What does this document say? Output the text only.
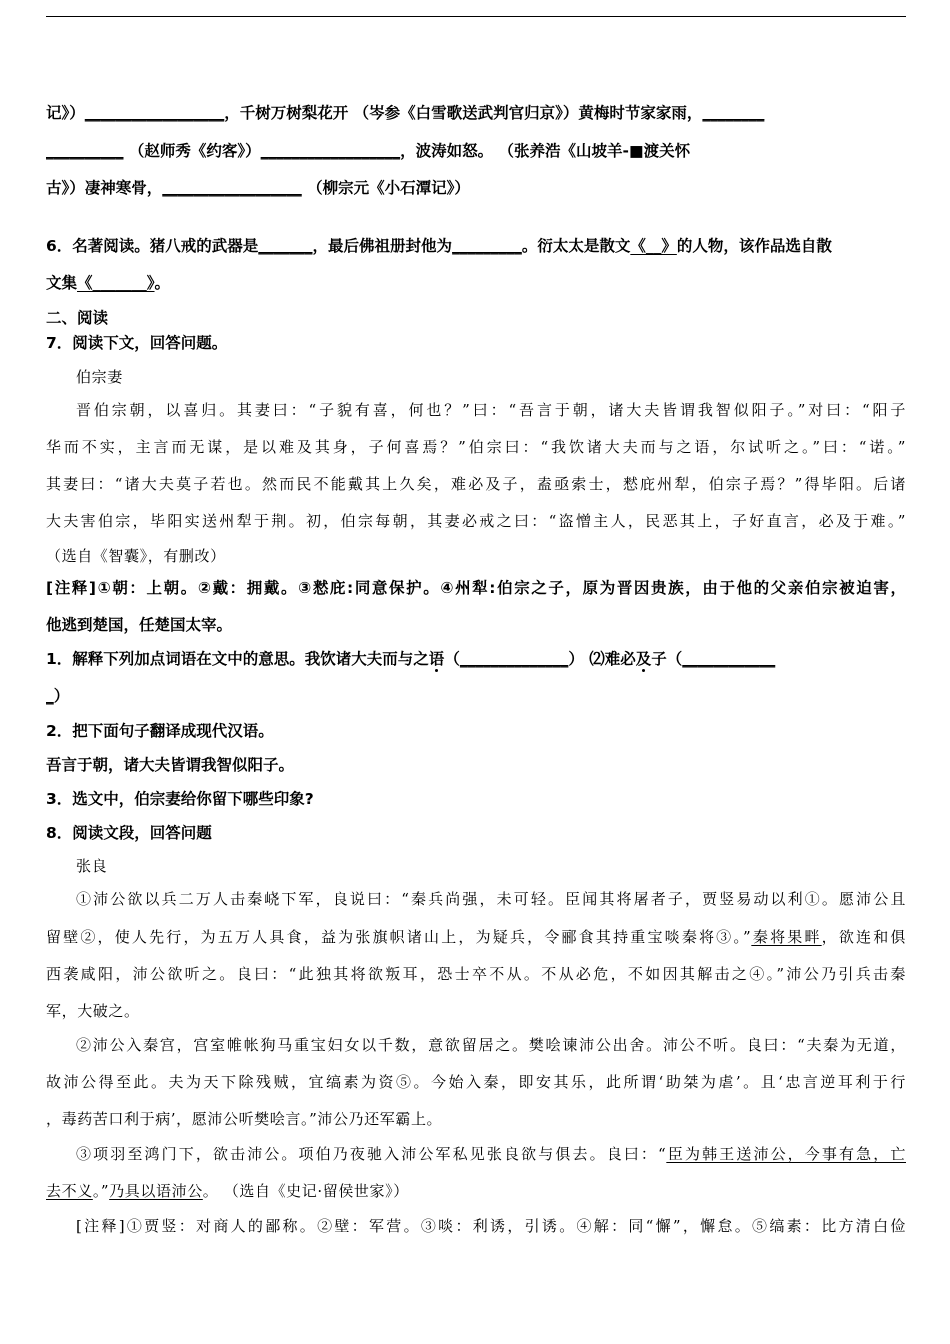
记》）__________________，千树万树梨花开 （岑参《白雪歌送武判官归京》）黄梅时节家家雨，________
__________ （赵师秀《约客》）__________________，波涛如怒。 （张养浩《山坡羊-■渡关怀
古》）凄神寒骨，__________________ （柳宗元《小石潭记》）
6．名著阅读。猪八戒的武器是_______，最后佛祖册封他为_________。衍太太是散文《__》的人物，该作品选自散
文集《_______》。
二、阅读
7．阅读下文，回答问题。
伯宗妻
晋伯宗朝，以喜归。其妻曰：“子貌有喜，何也？”曰：“吾言于朝，诸大夫皆谓我智似阳子。”对曰：“阳子
华而不实，主言而无谋，是以难及其身，子何喜焉？”伯宗曰：“我饮诸大夫而与之语，尔试听之。”曰：“诺。”
其妻曰：“诸大夫莫子若也。然而民不能戴其上久矣，难必及子，盍亟索士，慭庇州犁，伯宗子焉？”得毕阳。后诸
大夫害伯宗，毕阳实送州犁于荆。初，伯宗每朝，其妻必戒之曰：“盗憎主人，民恶其上，子好直言，必及于难。”
（选自《智囊》，有删改）
[注释]①朝：上朝。②戴：拥戴。③慭庇:同意保护。④州犁:伯宗之子，原为晋因贵族，由于他的父亲伯宗被迫害，
他逃到楚国，任楚国太宰。
1．解释下列加点词语在文中的意思。我饮诸大夫而与之语（______________） ⑵难必及子（____________
_）
2．把下面句子翻译成现代汉语。
吾言于朝，诸大夫皆谓我智似阳子。
3．选文中，伯宗妻给你留下哪些印象?
8．阅读文段，回答问题
张良
①沛公欲以兵二万人击秦峣下军，良说曰：“秦兵尚强，未可轻。臣闻其将屠者子，贾竖易动以利①。愿沛公且
留壁②，使人先行，为五万人具食，益为张旗帜诸山上，为疑兵，令郦食其持重宝啖秦将③。”秦将果畔，欲连和俱
西袭咸阳，沛公欲听之。良曰：“此独其将欲叛耳，恐士卒不从。不从必危，不如因其解击之④。”沛公乃引兵击秦
军，大破之。
②沛公入秦宫，宫室帷帐狗马重宝妇女以千数，意欲留居之。樊哙谏沛公出舍。沛公不听。良曰：“夫秦为无道，
故沛公得至此。夫为天下除残贼，宜缟素为资⑤。今始入秦，即安其乐，此所谓‘助桀为虐’。且‘忠言逆耳利于行
，毒药苦口利于病’，愿沛公听樊哙言。”沛公乃还军霸上。
③项羽至鸿门下，欲击沛公。项伯乃夜驰入沛公军私见张良欲与俱去。良曰：“臣为韩王送沛公，今事有急，亡
去不义。”乃具以语沛公。 （选自《史记·留侯世家》）
[注释]①贾竖：对商人的鄙称。②壁：军营。③啖：利诱，引诱。④解：同“懈”，懈怠。⑤缟素：比方清白俭
